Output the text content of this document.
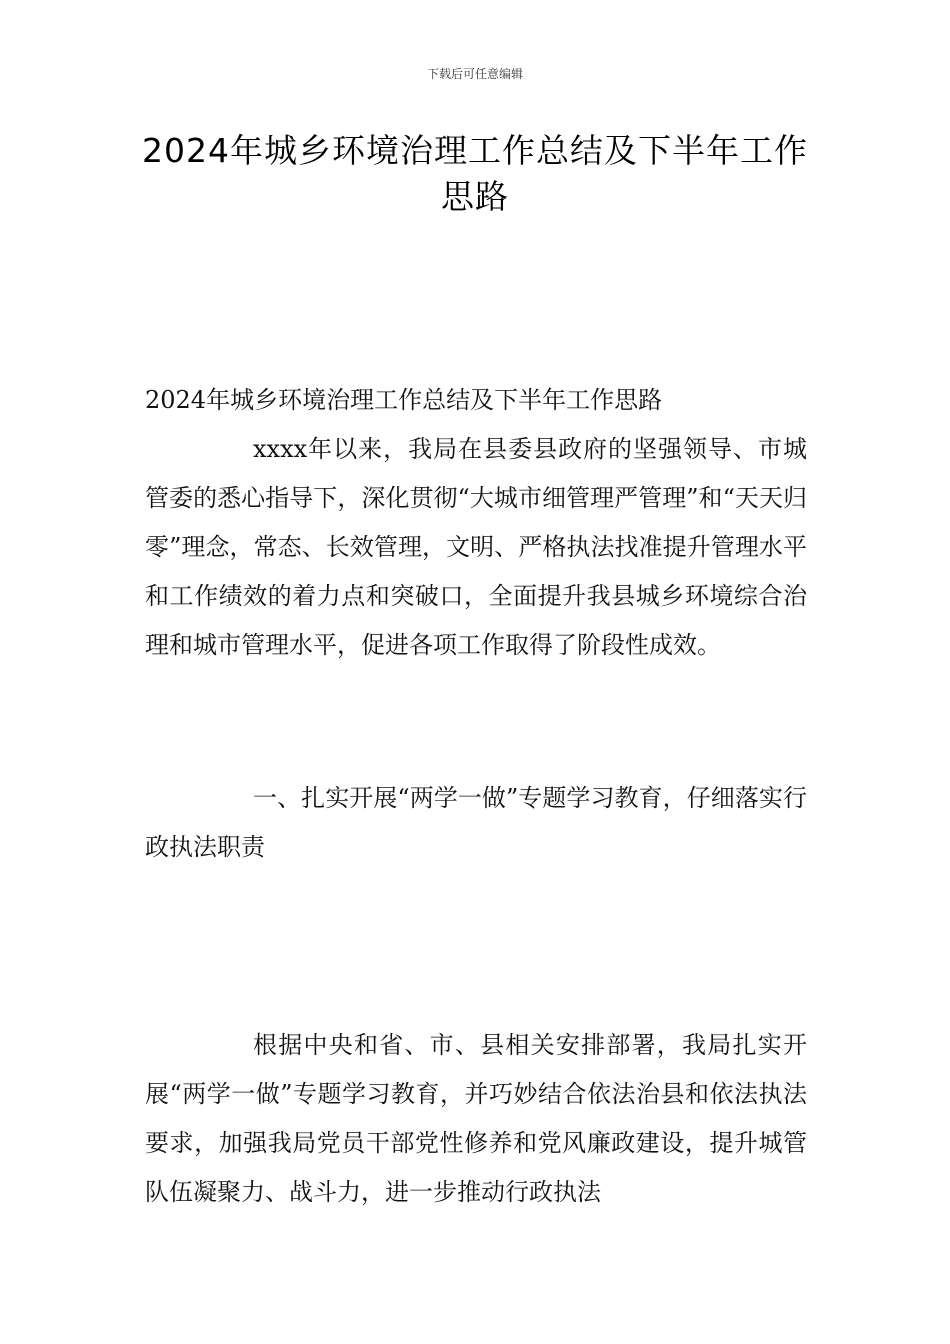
下载后可任意编辑
2024年城乡环境治理工作总结及下半年工作思路

2024年城乡环境治理工作总结及下半年工作思路

xxxx年以来，我局在县委县政府的坚强领导、市城管委的悉心指导下，深化贯彻“大城市细管理严管理”和“天天归零”理念，常态、长效管理，文明、严格执法找准提升管理水平和工作绩效的着力点和突破口，全面提升我县城乡环境综合治理和城市管理水平，促进各项工作取得了阶段性成效。

一、扎实开展“两学一做”专题学习教育，仔细落实行政执法职责

根据中央和省、市、县相关安排部署，我局扎实开展“两学一做”专题学习教育，并巧妙结合依法治县和依法执法要求，加强我局党员干部党性修养和党风廉政建设，提升城管队伍凝聚力、战斗力，进一步推动行政执法
